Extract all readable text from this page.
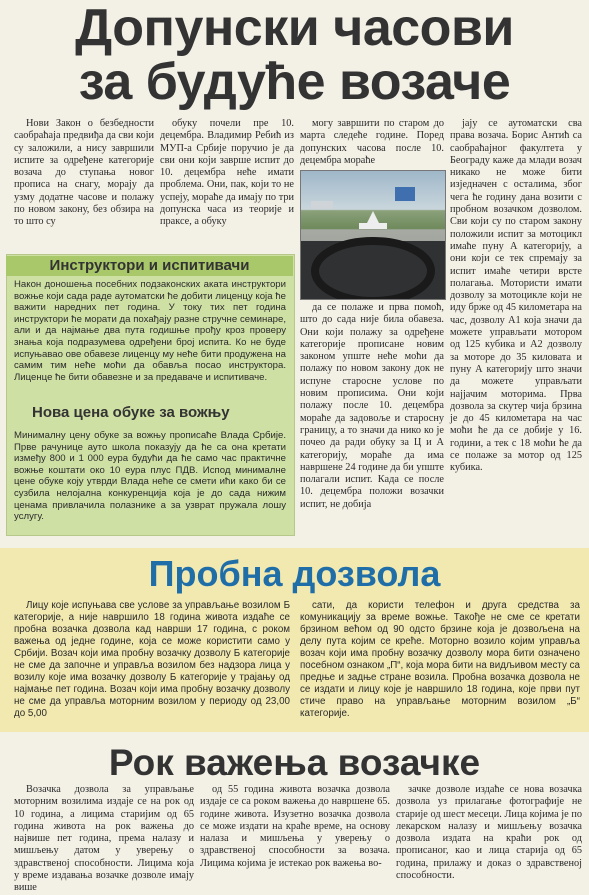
Допунски часови
за будуће возаче

Нови Закон о безбедности саобраћаја предвиђа да сви који су заложили, а нису завршили испите за одређене категорије возача до ступања новог прописа на снагу, морају да узму додатне часове и полажу по новом закону, без обзира на то што су

обуку почели пре 10. децембра. Владимир Ребић из МУП-а Србије поручио је да сви они који заврше испит до 10. децембра неће имати проблема. Они, пак, који то не успеју, мораће да имају по три допунска часа из теорије и праксе, а обуку

могу завршити по старом до марта следеће године. Поред допунских часова после 10. децембра мораће

да се полаже и прва помоћ, што до сада није била обавеза. Они који полажу за одређене категорије прописане новим законом упште неће моћи да полажу по новом закону док не испуне старосне услове по новим прописима. Они који полажу после 10. децембра мораће да задовоље и старосну границу, а то значи да нико ко је почео да ради обуку за Ц и А категорију, мораће да има навршене 24 године да би упште полагали испит. Када се после 10. децембра положи возачки испит, не добија

јају се аутоматски сва права возача. Борис Антић са саобраћајног факултета у Београду каже да млади возач никако не може бити изједначен с осталима, због чега ће годину дана возити с пробном возачком дозволом. Сви који су по старом закону положили испит за мотоцикл имаће пуну А категорију, а они који се тек спремају за испит имаће четири врсте полагања. Мотористи имати дозволу за мотоцикле који не иду брже од 45 километара на час, дозволу А1 која значи да можете управљати мотором од 125 кубика и А2 дозволу за моторе до 35 киловата и пуну А категорију што значи да можете управљати најјачим моторима. Прва дозвола за скутер чија брзина је до 45 километара на час моћи ће да се добије у 16. години, а тек с 18 моћи ће да се полаже за мотор од 125 кубика.

Инструктори и испитивачи

Након доношења посебних подзаконских аката инструктори вожње који сада раде аутоматски ће добити лиценцу која ће важити наредних пет година. У току тих пет година инструктори ће морати да похађају разне стручне семинаре, али и да најмање два пута годишње прођу кроз проверу знања која подразумева одређени број испита. Ко не буде испуњавао ове обавезе лиценцу му неће бити продужена на самим тим неће моћи да обавља посао инструктора. Лиценце ће бити обавезне и за предаваче и испитиваче.

Нова цена обуке за вожњу

Минималну цену обуке за вожњу прописаће Влада Србије. Прве рачунице ауто школа показују да ће са она кретати између 800 и 1 000 еура будући да ће само час практичне вожње коштати око 10 еура плус ПДВ. Испод минималне цене обуке коју утврди Влада неће се смети ићи како би се сузбила нелојална конкуренција која је до сада нижим ценама привлачила полазнике а за узврат пружала лошу услугу.

Пробна дозвола

Лицу које испуњава све услове за управљање возилом Б категорије, а није навршило 18 година живота издаће се пробна возачка дозвола кад наврши 17 година, с роком важења од једне године, која се може користити само у Србији. Возач који има пробну возачку дозволу Б категорије не сме да започне и управља возилом без надзора лица у возилу које има возачку дозволу Б категорије у трајању од најмање пет година. Возач који има пробну возачку дозволу не сме да управља моторним возилом у периоду од 23,00 до 5,00

сати, да користи телефон и друга средства за комуникацију за време вожње. Такође не сме се кретати брзином већом од 90 одсто брзине која је дозвољена на делу пута којим се креће. Моторно возило којим управља возач који има пробну возачку дозволу мора бити означено посебном ознаком „П“, која мора бити на видљивом месту са предње и задње стране возила. Пробна возачка дозвола не се издати и лицу које је навршило 18 година, које први пут стиче право на управљање моторним возилом „Б“ категорије.

Рок важења возачке

Возачка дозвола за управљање моторним возилима издаје се на рок од 10 година, а лицима старијим од 65 година живота на рок важења до највише пет година, према налазу и мишљењу датом у уверењу о здравственој способности. Лицима која у време издавања возачке дозволе имају више

од 55 година живота возачка дозвола издаје се са роком важења до навршене 65. године живота. Изузетно возачка дозвола се може издати на краће време, на основу налаза и мишљења у уверењу о здравственој способности за возача. Лицима којима је истекао рок важења во-

зачке дозволе издаће се нова возачка дозвола уз прилагање фотографије не старије од шест месеци. Лица којима је по лекарском налазу и мишљењу возачка дозвола издата на краћи рок од прописаног, као и лица старија од 65 година, прилажу и доказ о здравственој способности.
